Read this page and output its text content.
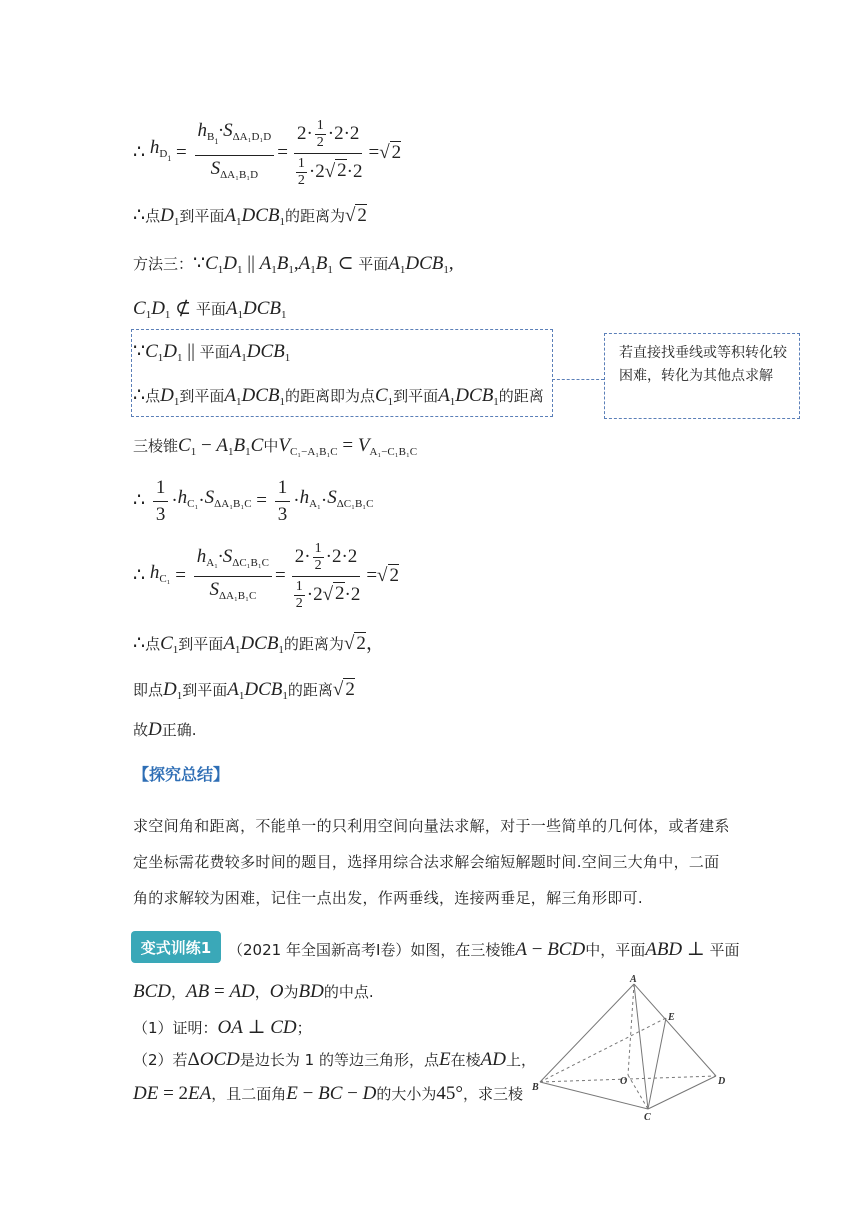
∴ $h_{D_1} = \frac{h_{B_1}\cdot S_{\Delta A_1D_1D}}{S_{\Delta A_1B_1D}} = \frac{2\cdot \frac{1}{2} \cdot 2\cdot 2}{\frac{1}{2} \cdot 2√ 2\cdot 2}$ =√ 2
∴点$D_1$到平面$A_1DCB_1$的距离为√ 2
方法三：$\because C_1D_1$ || $A_1B_1,A_1B_1$ ⊂ 平面$A_1DCB_1$,
$C_1D_1$ ⊄ 平面$A_1DCB_1$
若直接找垂线或等积转化较困难，转化为其他点求解
$\because C_1D_1$ || 平面$A_1DCB_1$
∴点$D_1$到平面$A_1DCB_1$的距离即为点$C_1$到平面$A_1DCB_1$的距离
三棱锥$C_1 - A_1B_1C$中$V_{C_1-A_1B_1C} = V_{A_1-C_1B_1C}$
∴ $\frac{1}{3} \cdot h_{C_1} \cdot S_{\Delta A_1B_1C} = \frac{1}{3} \cdot h_{A_1} \cdot S_{\Delta C_1B_1C}$
∴ $h_{C_1} = \frac{h_{A_1}\cdot S_{\Delta C_1B_1C}}{S_{\Delta A_1B_1C}} = \frac{2\cdot \frac{1}{2} \cdot 2\cdot 2}{\frac{1}{2} \cdot 2√ 2\cdot 2}$ =√ 2
∴点$C_1$到平面$A_1DCB_1$的距离为√ 2，
即点$D_1$到平面$A_1DCB_1$的距离√ 2
故D正确.
【探究总结】
求空间角和距离，不能单一的只利用空间向量法求解，对于一些简单的几何体，或者建系定坐标需花费较多时间的题目，选择用综合法求解会缩短解题时间.空间三大角中，二面角的求解较为困难，记住一点出发，作两垂线，连接两垂足，解三角形即可.
变式训练1	（2021 年全国新高考Ⅰ卷）如图，在三棱锥A − BCD中，平面ABD ⊥ 平面
BCD，AB = AD，O为BD的中点.
（1）证明：OA ⊥ CD；
（2）若ΔOCD是边长为 1 的等边三角形，点E在棱AD上，
DE = 2EA，且二面角E − BC − D的大小为45°，求三棱
A
E
B
O	D
C
